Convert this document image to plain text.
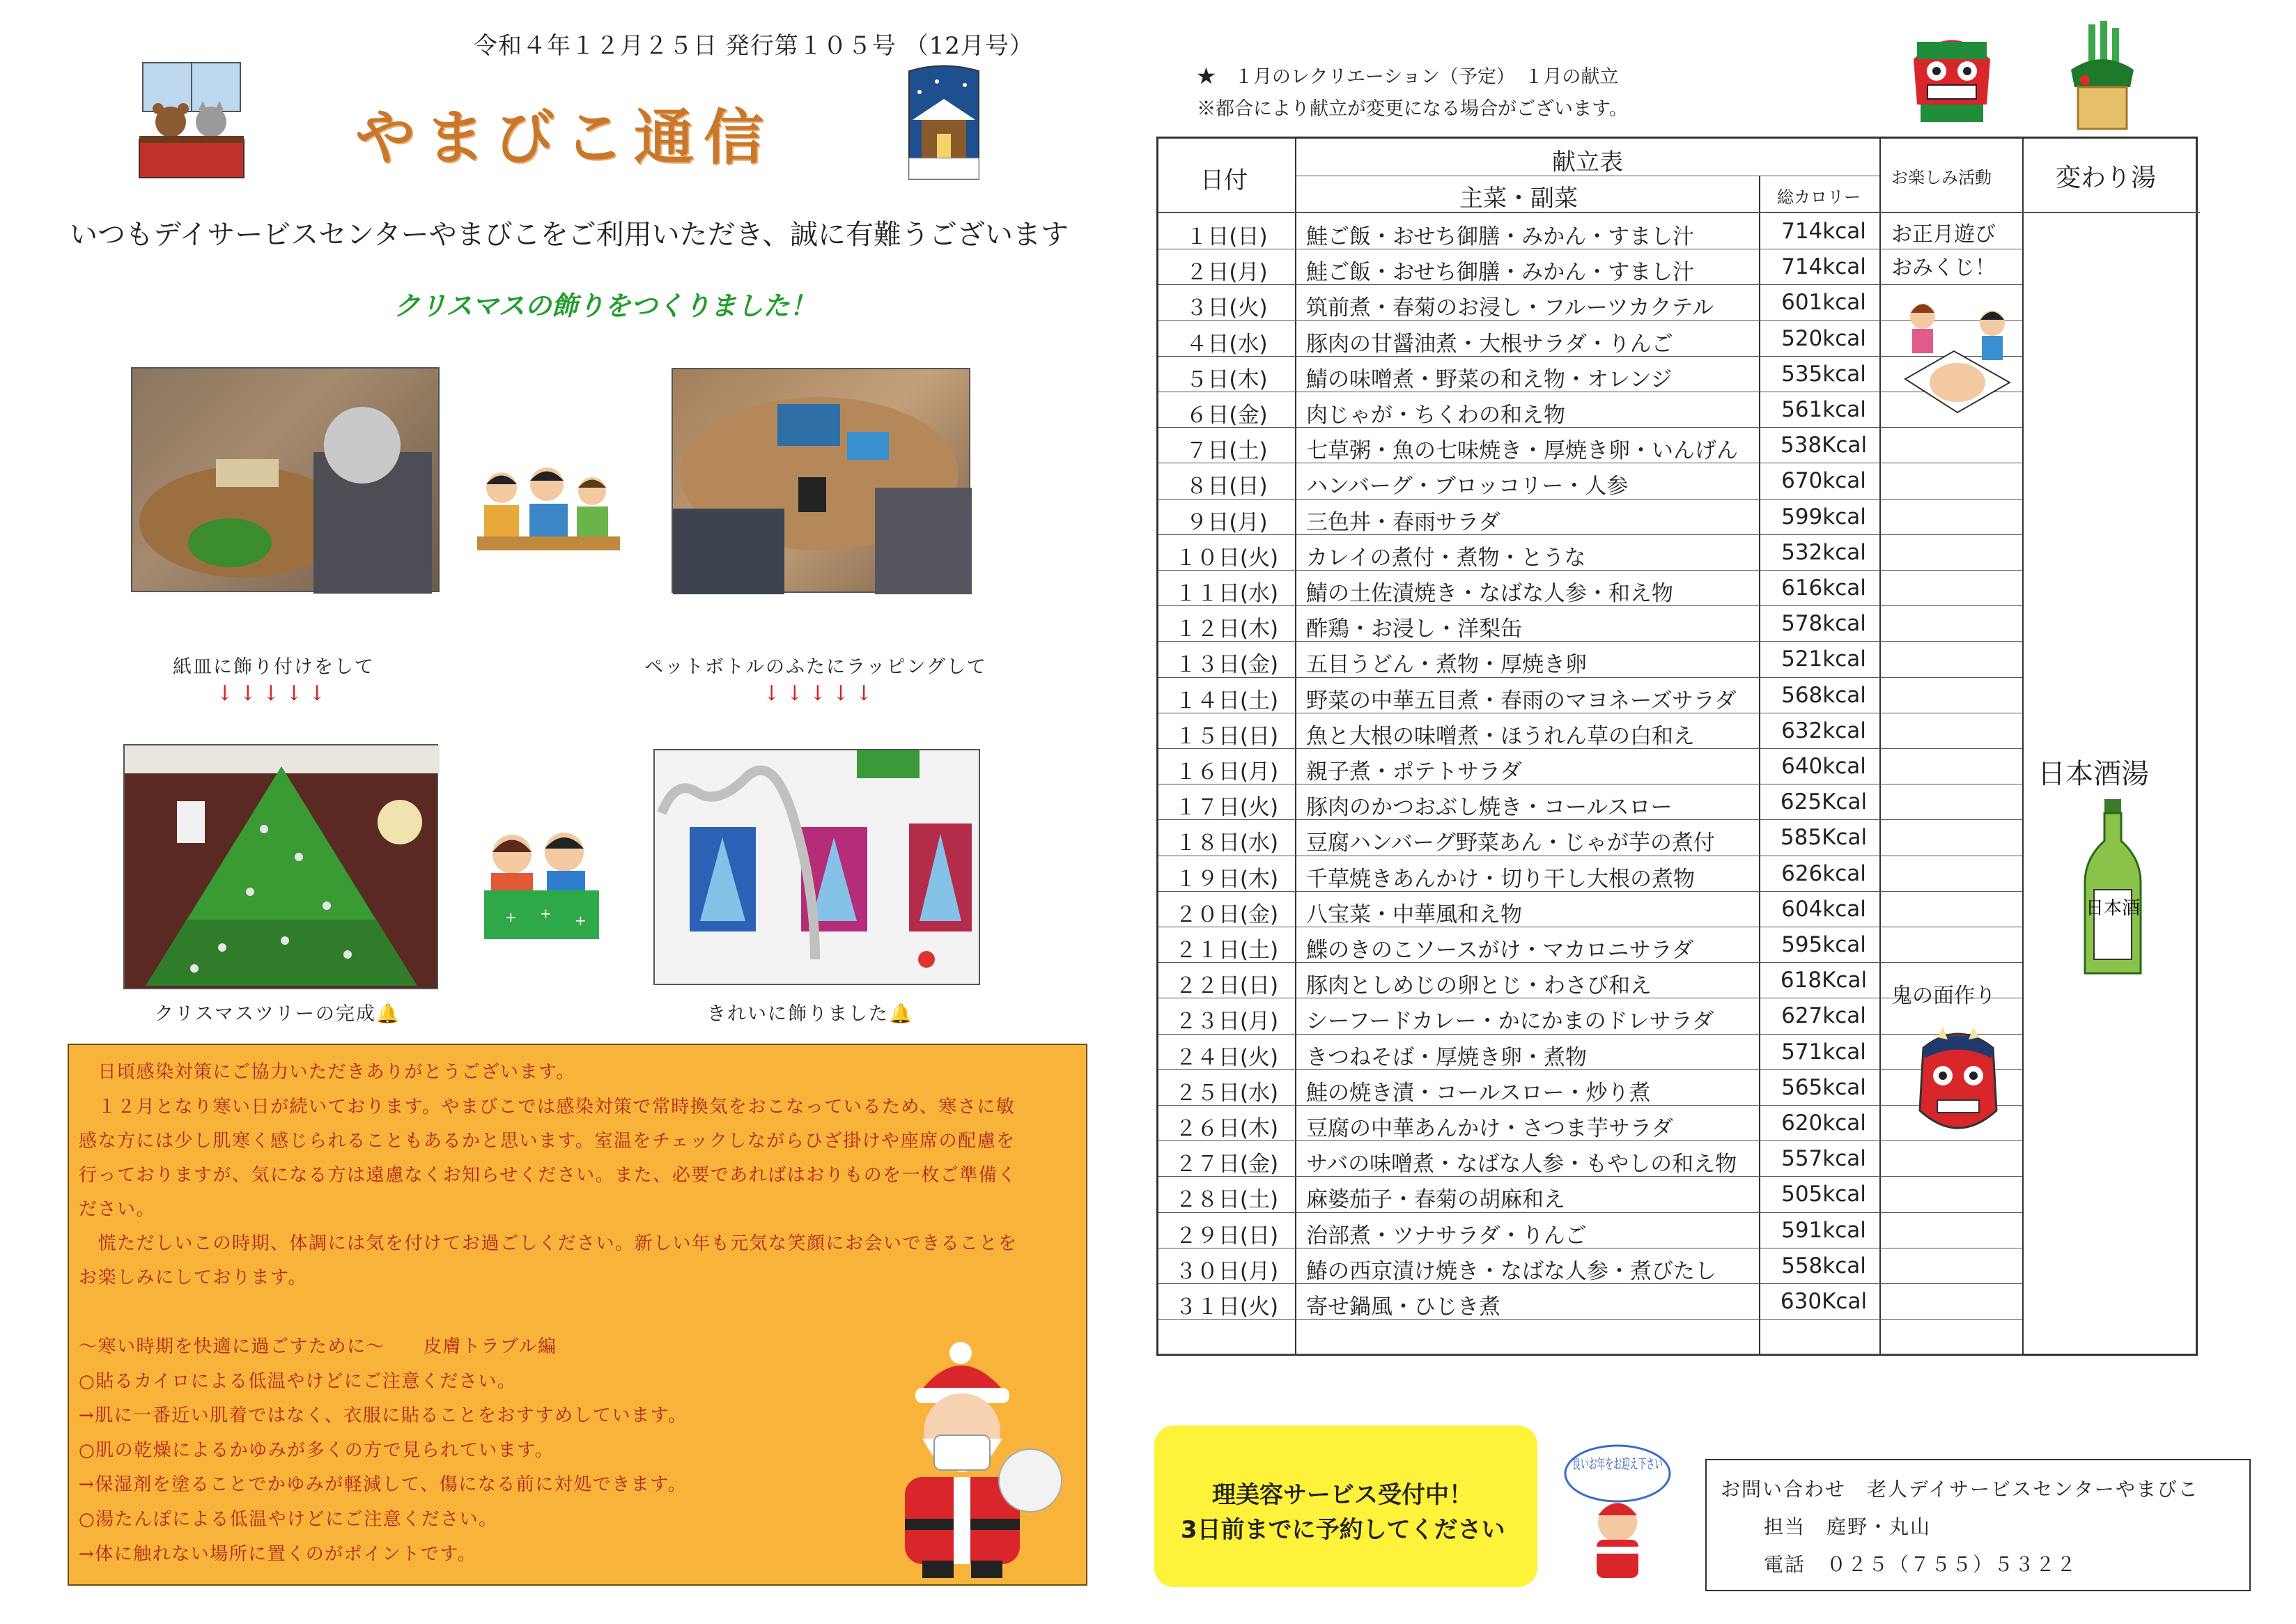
令和４年１２月２５日 発行第１０５号 （12月号）
やまびこ通信
いつもデイサービスセンターやまびこをご利用いただき、誠に有難うございます
クリスマスの飾りをつくりました！
紙皿に飾り付けをして
↓↓↓↓↓
ペットボトルのふたにラッピングして
↓↓↓↓↓
+ + +
クリスマスツリーの完成🔔	きれいに飾りました🔔
　日頃感染対策にご協力いただきありがとうございます。
　１２月となり寒い日が続いております。やまびこでは感染対策で常時換気をおこなっているため、寒さに敏
感な方には少し肌寒く感じられることもあるかと思います。室温をチェックしながらひざ掛けや座席の配慮を
行っておりますが、気になる方は遠慮なくお知らせください。また、必要であればはおりものを一枚ご準備く
ださい。
　慌ただしいこの時期、体調には気を付けてお過ごしください。新しい年も元気な笑顔にお会いできることを
お楽しみにしております。
～寒い時期を快適に過ごすために～　　皮膚トラブル編
○貼るカイロによる低温やけどにご注意ください。
→肌に一番近い肌着ではなく、衣服に貼ることをおすすめしています。
○肌の乾燥によるかゆみが多くの方で見られています。
→保湿剤を塗ることでかゆみが軽減して、傷になる前に対処できます。
○湯たんぽによる低温やけどにご注意ください。
→体に触れない場所に置くのがポイントです。
★　１月のレクリエーション（予定）　１月の献立
※都合により献立が変更になる場合がございます。
日付
献立表
主菜・副菜	総カロリー
お楽しみ活動	変わり湯
１日(日)	鮭ご飯・おせち御膳・みかん・すまし汁	714kcal
２日(月)	鮭ご飯・おせち御膳・みかん・すまし汁	714kcal
３日(火)	筑前煮・春菊のお浸し・フルーツカクテル	601kcal
４日(水)	豚肉の甘醤油煮・大根サラダ・りんご	520kcal
５日(木)	鯖の味噌煮・野菜の和え物・オレンジ	535kcal
６日(金)	肉じゃが・ちくわの和え物	561kcal
７日(土)	七草粥・魚の七味焼き・厚焼き卵・いんげん	538Kcal
８日(日)	ハンバーグ・ブロッコリー・人参	670kcal
９日(月)	三色丼・春雨サラダ	599kcal
１０日(火)	カレイの煮付・煮物・とうな	532kcal
１１日(水)	鯖の土佐漬焼き・なばな人参・和え物	616kcal
１２日(木)	酢鶏・お浸し・洋梨缶	578kcal
１３日(金)	五目うどん・煮物・厚焼き卵	521kcal
１４日(土)	野菜の中華五目煮・春雨のマヨネーズサラダ	568kcal
１５日(日)	魚と大根の味噌煮・ほうれん草の白和え	632kcal
１６日(月)	親子煮・ポテトサラダ	640kcal
１７日(火)	豚肉のかつおぶし焼き・コールスロー	625Kcal
１８日(水)	豆腐ハンバーグ野菜あん・じゃが芋の煮付	585Kcal
１９日(木)	千草焼きあんかけ・切り干し大根の煮物	626kcal
２０日(金)	八宝菜・中華風和え物	604kcal
２１日(土)	鰈のきのこソースがけ・マカロニサラダ	595kcal
２２日(日)	豚肉としめじの卵とじ・わさび和え	618Kcal
２３日(月)	シーフードカレー・かにかまのドレサラダ	627kcal
２４日(火)	きつねそば・厚焼き卵・煮物	571kcal
２５日(水)	鮭の焼き漬・コールスロー・炒り煮	565kcal
２６日(木)	豆腐の中華あんかけ・さつま芋サラダ	620kcal
２７日(金)	サバの味噌煮・なばな人参・もやしの和え物	557kcal
２８日(土)	麻婆茄子・春菊の胡麻和え	505kcal
２９日(日)	治部煮・ツナサラダ・りんご	591kcal
３０日(月)	鰆の西京漬け焼き・なばな人参・煮びたし	558kcal
３１日(火)	寄せ鍋風・ひじき煮	630Kcal
お正月遊び
おみくじ！
鬼の面作り
日本酒湯
日本酒
理美容サービス受付中！
3日前までに予約してください
良いお年をお迎え下さい
お問い合わせ　老人デイサービスセンターやまびこ
担当　庭野・丸山
電話　０２５（７５５）５３２２
